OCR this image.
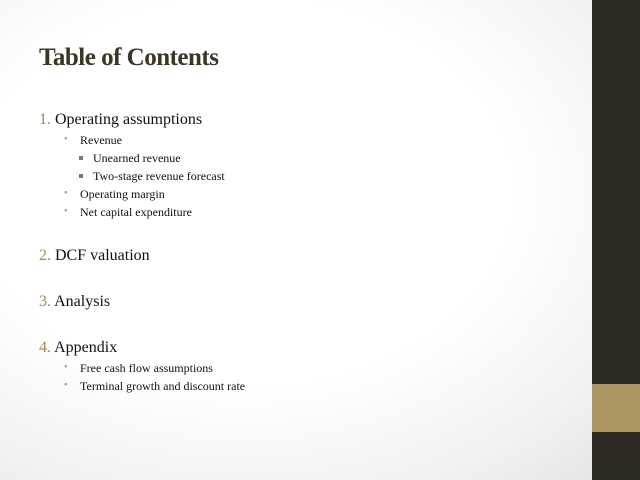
Table of Contents
1. Operating assumptions
• Revenue
Unearned revenue
Two-stage revenue forecast
• Operating margin
• Net capital expenditure
2. DCF valuation
3. Analysis
4. Appendix
• Free cash flow assumptions
• Terminal growth and discount rate
